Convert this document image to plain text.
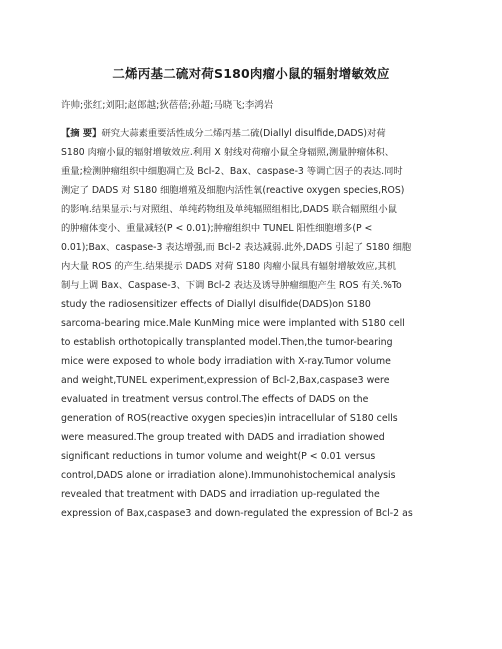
二烯丙基二硫对荷S180肉瘤小鼠的辐射增敏效应
许帅;张红;刘阳;赵郎越;狄蓓蓓;孙超;马晓飞;李鸿岩
【摘 要】研究大蒜素重要活性成分二烯丙基二硫(Diallyl disulfide,DADS)对荷
S180 肉瘤小鼠的辐射增敏效应.利用 X 射线对荷瘤小鼠全身辐照,测量肿瘤体积、
重量;检测肿瘤组织中细胞凋亡及 Bcl-2、Bax、caspase-3 等调亡因子的表达.同时
测定了 DADS 对 S180 细胞增殖及细胞内活性氧(reactive oxygen species,ROS)
的影响.结果显示:与对照组、单纯药物组及单纯辐照组相比,DADS 联合辐照组小鼠
的肿瘤体变小、重量减轻(P < 0.01);肿瘤组织中 TUNEL 阳性细胞增多(P <
0.01);Bax、caspase-3 表达增强,而 Bcl-2 表达减弱.此外,DADS 引起了 S180 细胞
内大量 ROS 的产生.结果提示 DADS 对荷 S180 肉瘤小鼠具有辐射增敏效应,其机
制与上调 Bax、Caspase-3、下调 Bcl-2 表达及诱导肿瘤细胞产生 ROS 有关.%To
study the radiosensitizer effects of Diallyl disulfide(DADS)on S180
sarcoma-bearing mice.Male KunMing mice were implanted with S180 cell
to establish orthotopically transplanted model.Then,the tumor-bearing
mice were exposed to whole body irradiation with X-ray.Tumor volume
and weight,TUNEL experiment,expression of Bcl-2,Bax,caspase3 were
evaluated in treatment versus control.The effects of DADS on the
generation of ROS(reactive oxygen species)in intracellular of S180 cells
were measured.The group treated with DADS and irradiation showed
significant reductions in tumor volume and weight(P < 0.01 versus
control,DADS alone or irradiation alone).Immunohistochemical analysis
revealed that treatment with DADS and irradiation up-regulated the
expression of Bax,caspase3 and down-regulated the expression of Bcl-2 as
